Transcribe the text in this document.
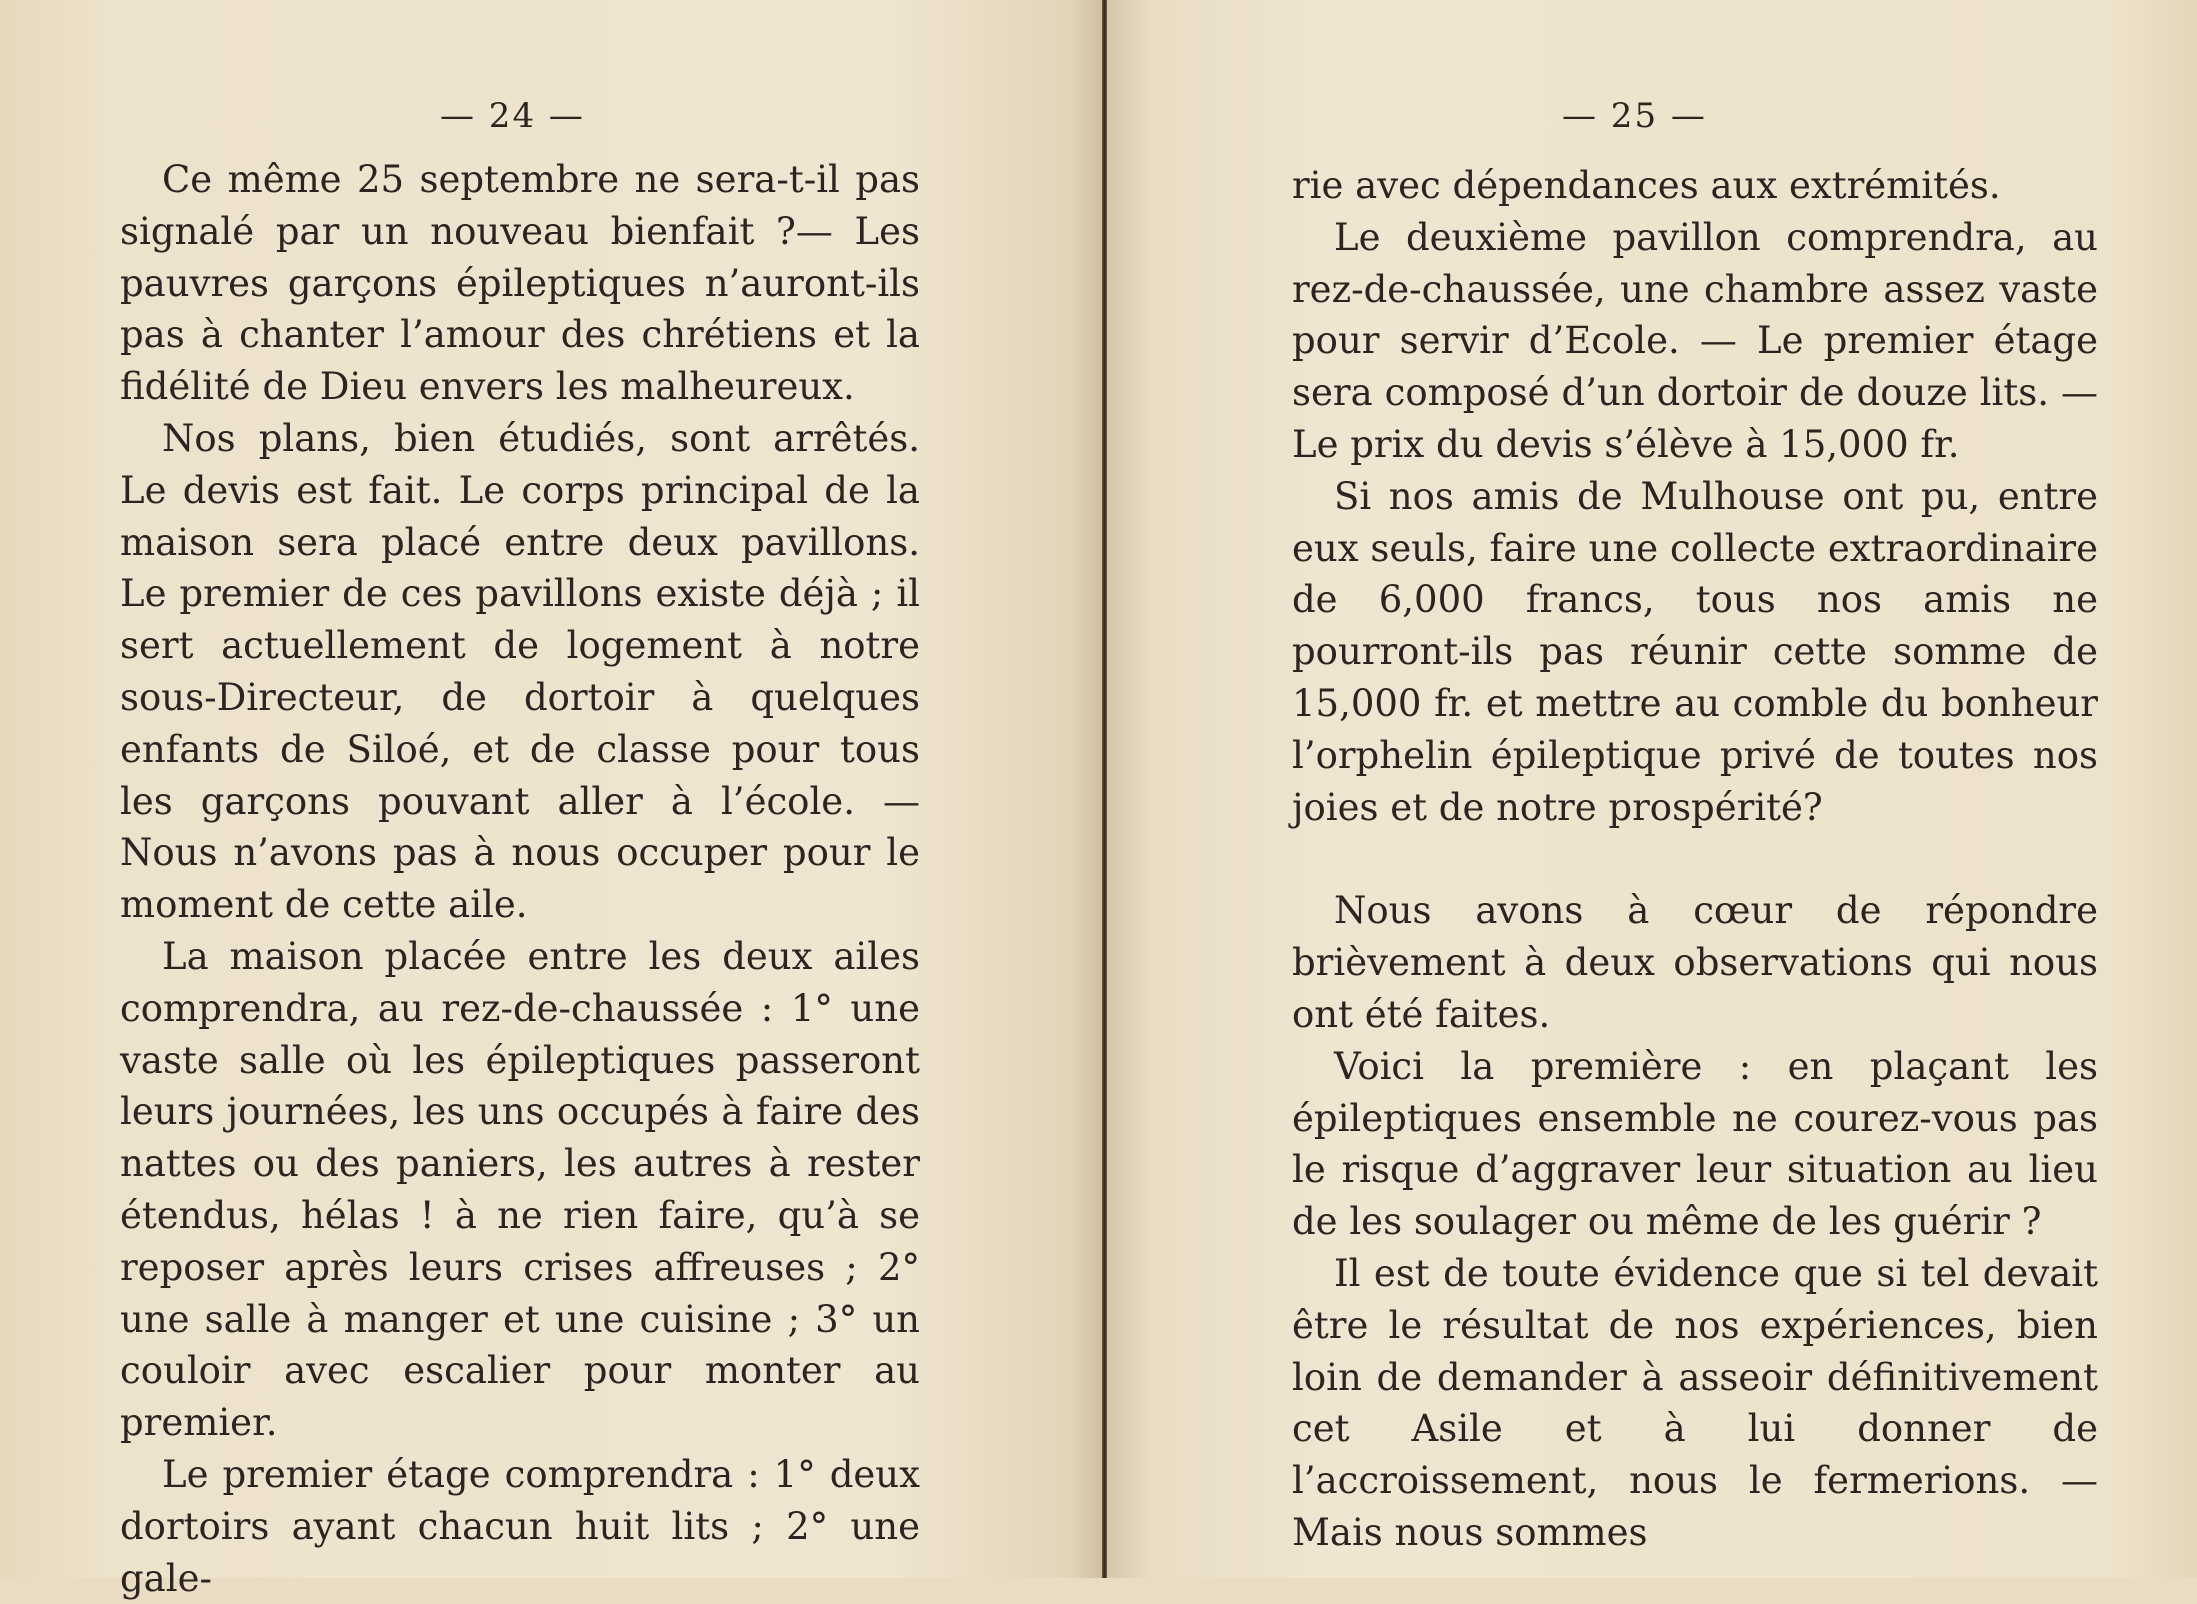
— 24 —

Ce même 25 septembre ne sera-t-il pas signalé par un nouveau bienfait ?— Les pauvres garçons épileptiques n’auront-ils pas à chanter l’amour des chrétiens et la fidélité de Dieu envers les malheureux.

Nos plans, bien étudiés, sont arrêtés. Le devis est fait. Le corps principal de la maison sera placé entre deux pavillons. Le premier de ces pavillons existe déjà ; il sert actuellement de logement à notre sous-Directeur, de dortoir à quelques enfants de Siloé, et de classe pour tous les garçons pouvant aller à l’école. — Nous n’avons pas à nous occuper pour le moment de cette aile.

La maison placée entre les deux ailes comprendra, au rez-de-chaussée : 1° une vaste salle où les épileptiques passeront leurs journées, les uns occupés à faire des nattes ou des paniers, les autres à rester étendus, hélas ! à ne rien faire, qu’à se reposer après leurs crises affreuses ; 2° une salle à manger et une cuisine ; 3° un couloir avec escalier pour monter au premier.

Le premier étage comprendra : 1° deux dortoirs ayant chacun huit lits ; 2° une gale-

— 25 —

rie avec dépendances aux extrémités.

Le deuxième pavillon comprendra, au rez-de-chaussée, une chambre assez vaste pour servir d’Ecole. — Le premier étage sera composé d’un dortoir de douze lits. — Le prix du devis s’élève à 15,000 fr.

Si nos amis de Mulhouse ont pu, entre eux seuls, faire une collecte extraordinaire de 6,000 francs, tous nos amis ne pourront-ils pas réunir cette somme de 15,000 fr. et mettre au comble du bonheur l’orphelin épileptique privé de toutes nos joies et de notre prospérité?

Nous avons à cœur de répondre brièvement à deux observations qui nous ont été faites.

Voici la première : en plaçant les épileptiques ensemble ne courez-vous pas le risque d’aggraver leur situation au lieu de les soulager ou même de les guérir ?

Il est de toute évidence que si tel devait être le résultat de nos expériences, bien loin de demander à asseoir définitivement cet Asile et à lui donner de l’accroissement, nous le fermerions. — Mais nous sommes
